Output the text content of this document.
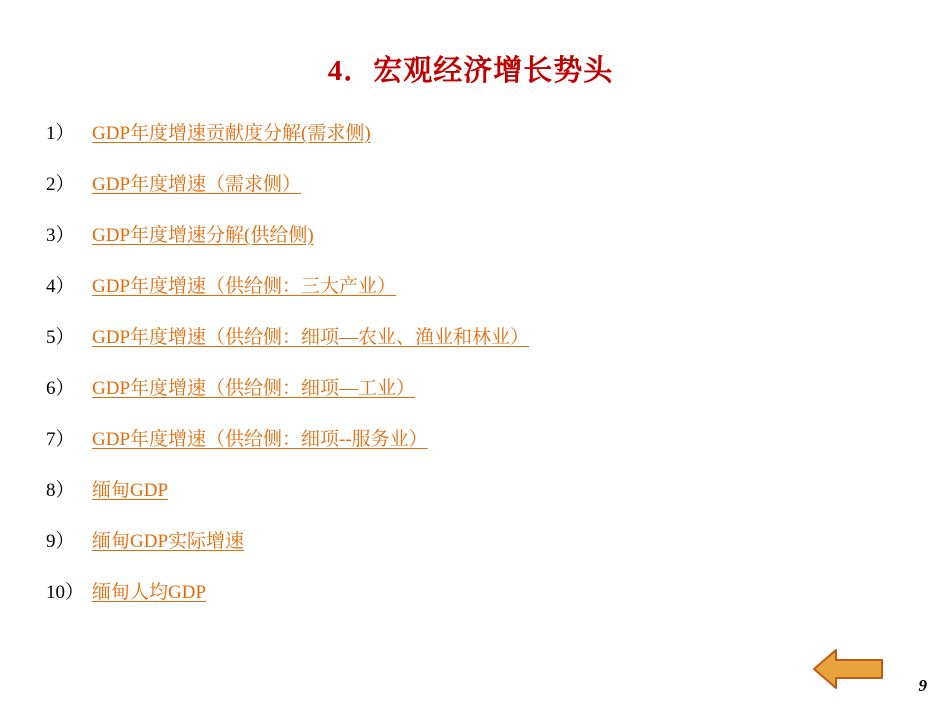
4．宏观经济增长势头
1） GDP年度增速贡献度分解(需求侧)
2） GDP年度增速（需求侧）
3） GDP年度增速分解(供给侧)
4） GDP年度增速（供给侧：三大产业）
5） GDP年度增速（供给侧：细项—农业、渔业和林业）
6） GDP年度增速（供给侧：细项—工业）
7） GDP年度增速（供给侧：细项--服务业）
8） 缅甸GDP
9） 缅甸GDP实际增速
10） 缅甸人均GDP
9
